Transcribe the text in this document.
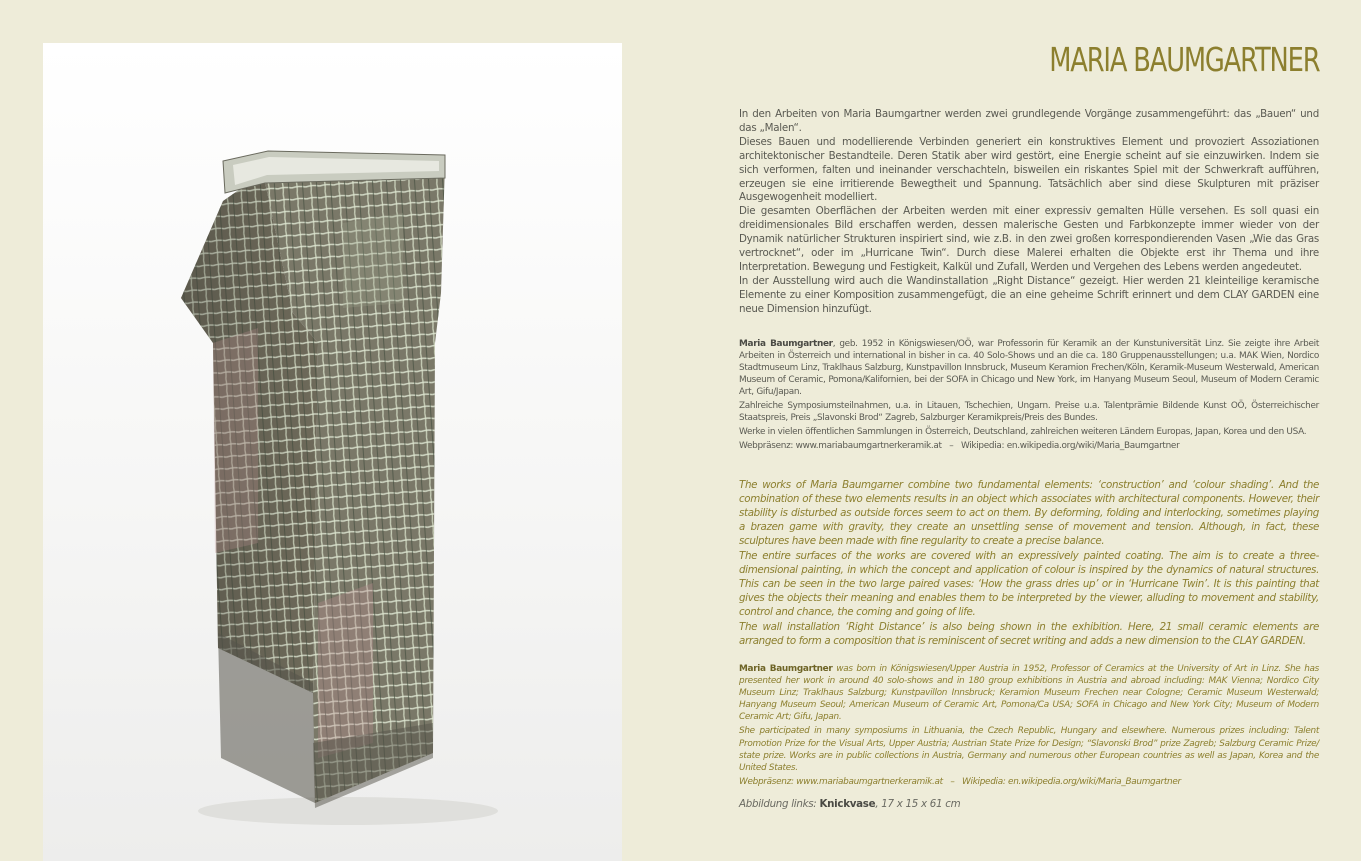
MARIA BAUMGARTNER

In den Arbeiten von Maria Baumgartner werden zwei grundlegende Vorgänge zusammengeführt: das „Bauen“ und das „Malen“.

Dieses Bauen und modellierende Verbinden generiert ein konstruktives Element und provoziert Assoziationen architektonischer Bestandteile. Deren Statik aber wird gestört, eine Energie scheint auf sie einzuwirken. Indem sie sich verformen, falten und ineinander verschachteln, bisweilen ein riskantes Spiel mit der Schwerkraft aufführen, erzeugen sie eine irritierende Bewegtheit und Spannung. Tatsächlich aber sind diese Skulpturen mit präziser Ausgewogenheit modelliert.

Die gesamten Oberflächen der Arbeiten werden mit einer expressiv gemalten Hülle versehen. Es soll quasi ein dreidimensionales Bild erschaffen werden, dessen malerische Gesten und Farbkonzepte immer wieder von der Dynamik natürlicher Strukturen inspiriert sind, wie z.B. in den zwei großen korrespondierenden Vasen „Wie das Gras vertrocknet“, oder im „Hurricane Twin“. Durch diese Malerei erhalten die Objekte erst ihr Thema und ihre Interpretation. Bewegung und Festigkeit, Kalkül und Zufall, Werden und Vergehen des Lebens werden angedeutet.

In der Ausstellung wird auch die Wandinstallation „Right Distance“ gezeigt. Hier werden 21 kleinteilige keramische Elemente zu einer Komposition zusammengefügt, die an eine geheime Schrift erinnert und dem CLAY GARDEN eine neue Dimension hinzufügt.

Maria Baumgartner, geb. 1952 in Königswiesen/OÖ, war Professorin für Keramik an der Kunstuniversität Linz. Sie zeigte ihre Arbeit Arbeiten in Österreich und international in bisher in ca. 40 Solo-Shows und an die ca. 180 Gruppenausstellungen; u.a. MAK Wien, Nordico Stadtmuseum Linz, Traklhaus Salzburg, Kunstpavillon Innsbruck, Museum Keramion Frechen/Köln, Keramik-Museum Westerwald, American Museum of Ceramic, Pomona/Kalifornien, bei der SOFA in Chicago und New York, im Hanyang Museum Seoul, Museum of Modern Ceramic Art, Gifu/Japan.

Zahlreiche Symposiumsteilnahmen, u.a. in Litauen, Tschechien, Ungarn. Preise u.a. Talentprämie Bildende Kunst OÖ, Österreichischer Staatspreis, Preis „Slavonski Brod“ Zagreb, Salzburger Keramikpreis/Preis des Bundes.

Werke in vielen öffentlichen Sammlungen in Österreich, Deutschland, zahlreichen weiteren Ländern Europas, Japan, Korea und den USA.

Webpräsenz: www.mariabaumgartnerkeramik.at   –   Wikipedia: en.wikipedia.org/wiki/Maria_Baumgartner

The works of Maria Baumgarner combine two fundamental elements: ‘construction’ and ‘colour shading’. And the combination of these two elements results in an object which associates with architectural components. However, their stability is disturbed as outside forces seem to act on them. By deforming, folding and interlocking, sometimes playing a brazen game with gravity, they create an unsettling sense of movement and tension. Although, in fact, these sculptures have been made with fine regularity to create a precise balance.

The entire surfaces of the works are covered with an expressively painted coating. The aim is to create a three-dimensional painting, in which the concept and application of colour is inspired by the dynamics of natural structures. This can be seen in the two large paired vases: ‘How the grass dries up’ or in ‘Hurricane Twin’. It is this painting that gives the objects their meaning and enables them to be interpreted by the viewer, alluding to movement and stability, control and chance, the coming and going of life.

The wall installation ‘Right Distance’ is also being shown in the exhibition. Here, 21 small ceramic elements are arranged to form a composition that is reminiscent of secret writing and adds a new dimension to the CLAY GARDEN.

Maria Baumgartner was born in Königswiesen/Upper Austria in 1952, Professor of Ceramics at the University of Art in Linz. She has presented her work in around 40 solo-shows and in 180 group exhibitions in Austria and abroad including: MAK Vienna; Nordico City Museum Linz; Traklhaus Salzburg; Kunstpavillon Innsbruck; Keramion Museum Frechen near Cologne; Ceramic Museum Westerwald; Hanyang Museum Seoul; American Museum of Ceramic Art, Pomona/Ca USA; SOFA in Chicago and New York City; Museum of Modern Ceramic Art; Gifu, Japan.

She participated in many symposiums in Lithuania, the Czech Republic, Hungary and elsewhere. Numerous prizes including: Talent Promotion Prize for the Visual Arts, Upper Austria; Austrian State Prize for Design; “Slavonski Brod” prize Zagreb; Salzburg Ceramic Prize/ state prize. Works are in public collections in Austria, Germany and numerous other European countries as well as Japan, Korea and the United States.

Webpräsenz: www.mariabaumgartnerkeramik.at   –   Wikipedia: en.wikipedia.org/wiki/Maria_Baumgartner

Abbildung links: Knickvase, 17 x 15 x 61 cm
